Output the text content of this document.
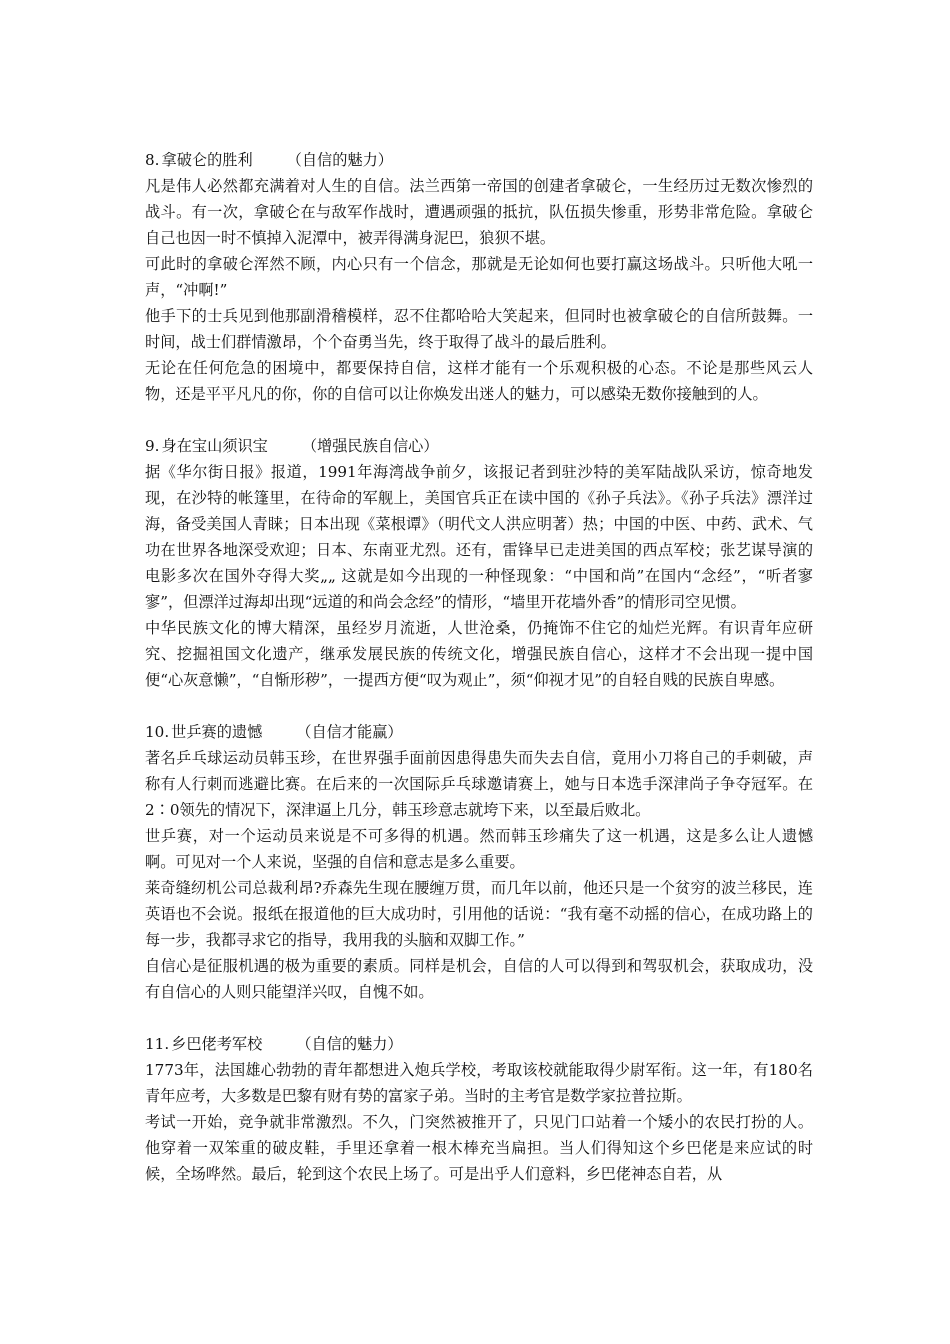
8. 拿破仑的胜利 （自信的魅力）

凡是伟人必然都充满着对人生的自信。法兰西第一帝国的创建者拿破仑，一生经历过无数次惨烈的战斗。有一次，拿破仑在与敌军作战时，遭遇顽强的抵抗，队伍损失惨重，形势非常危险。拿破仑自己也因一时不慎掉入泥潭中，被弄得满身泥巴，狼狈不堪。

可此时的拿破仑浑然不顾，内心只有一个信念，那就是无论如何也要打赢这场战斗。只听他大吼一声，“冲啊!”

他手下的士兵见到他那副滑稽模样，忍不住都哈哈大笑起来，但同时也被拿破仑的自信所鼓舞。一时间，战士们群情激昂，个个奋勇当先，终于取得了战斗的最后胜利。

无论在任何危急的困境中，都要保持自信，这样才能有一个乐观积极的心态。不论是那些风云人物，还是平平凡凡的你，你的自信可以让你焕发出迷人的魅力，可以感染无数你接触到的人。

9. 身在宝山须识宝 （增强民族自信心）

据《华尔街日报》报道，1991年海湾战争前夕，该报记者到驻沙特的美军陆战队采访，惊奇地发现，在沙特的帐篷里，在待命的军舰上，美国官兵正在读中国的《孙子兵法》。《孙子兵法》漂洋过海，备受美国人青睐；日本出现《菜根谭》（明代文人洪应明著）热；中国的中医、中药、武术、气功在世界各地深受欢迎；日本、东南亚尤烈。还有，雷锋早已走进美国的西点军校；张艺谋导演的电影多次在国外夺得大奖„„ 这就是如今出现的一种怪现象：“中国和尚”在国内“念经”，“听者寥寥”，但漂洋过海却出现“远道的和尚会念经”的情形，“墙里开花墙外香”的情形司空见惯。

中华民族文化的博大精深，虽经岁月流逝，人世沧桑，仍掩饰不住它的灿烂光辉。有识青年应研究、挖掘祖国文化遗产，继承发展民族的传统文化，增强民族自信心，这样才不会出现一提中国便“心灰意懒”，“自惭形秽”，一提西方便“叹为观止”，须“仰视才见”的自轻自贱的民族自卑感。

10. 世乒赛的遗憾 （自信才能赢）

著名乒乓球运动员韩玉珍，在世界强手面前因患得患失而失去自信，竟用小刀将自己的手刺破，声称有人行刺而逃避比赛。在后来的一次国际乒乓球邀请赛上，她与日本选手深津尚子争夺冠军。在2∶0领先的情况下，深津逼上几分，韩玉珍意志就垮下来，以至最后败北。

世乒赛，对一个运动员来说是不可多得的机遇。然而韩玉珍痛失了这一机遇，这是多么让人遗憾啊。可见对一个人来说，坚强的自信和意志是多么重要。

莱奇缝纫机公司总裁利昂?乔森先生现在腰缠万贯，而几年以前，他还只是一个贫穷的波兰移民，连英语也不会说。报纸在报道他的巨大成功时，引用他的话说：“我有毫不动摇的信心，在成功路上的每一步，我都寻求它的指导，我用我的头脑和双脚工作。”

自信心是征服机遇的极为重要的素质。同样是机会，自信的人可以得到和驾驭机会，获取成功，没有自信心的人则只能望洋兴叹，自愧不如。

11. 乡巴佬考军校 （自信的魅力）

1773年，法国雄心勃勃的青年都想进入炮兵学校，考取该校就能取得少尉军衔。这一年，有180名青年应考，大多数是巴黎有财有势的富家子弟。当时的主考官是数学家拉普拉斯。

考试一开始，竞争就非常激烈。不久，门突然被推开了，只见门口站着一个矮小的农民打扮的人。他穿着一双笨重的破皮鞋，手里还拿着一根木棒充当扁担。当人们得知这个乡巴佬是来应试的时候，全场哗然。最后，轮到这个农民上场了。可是出乎人们意料，乡巴佬神态自若，从
